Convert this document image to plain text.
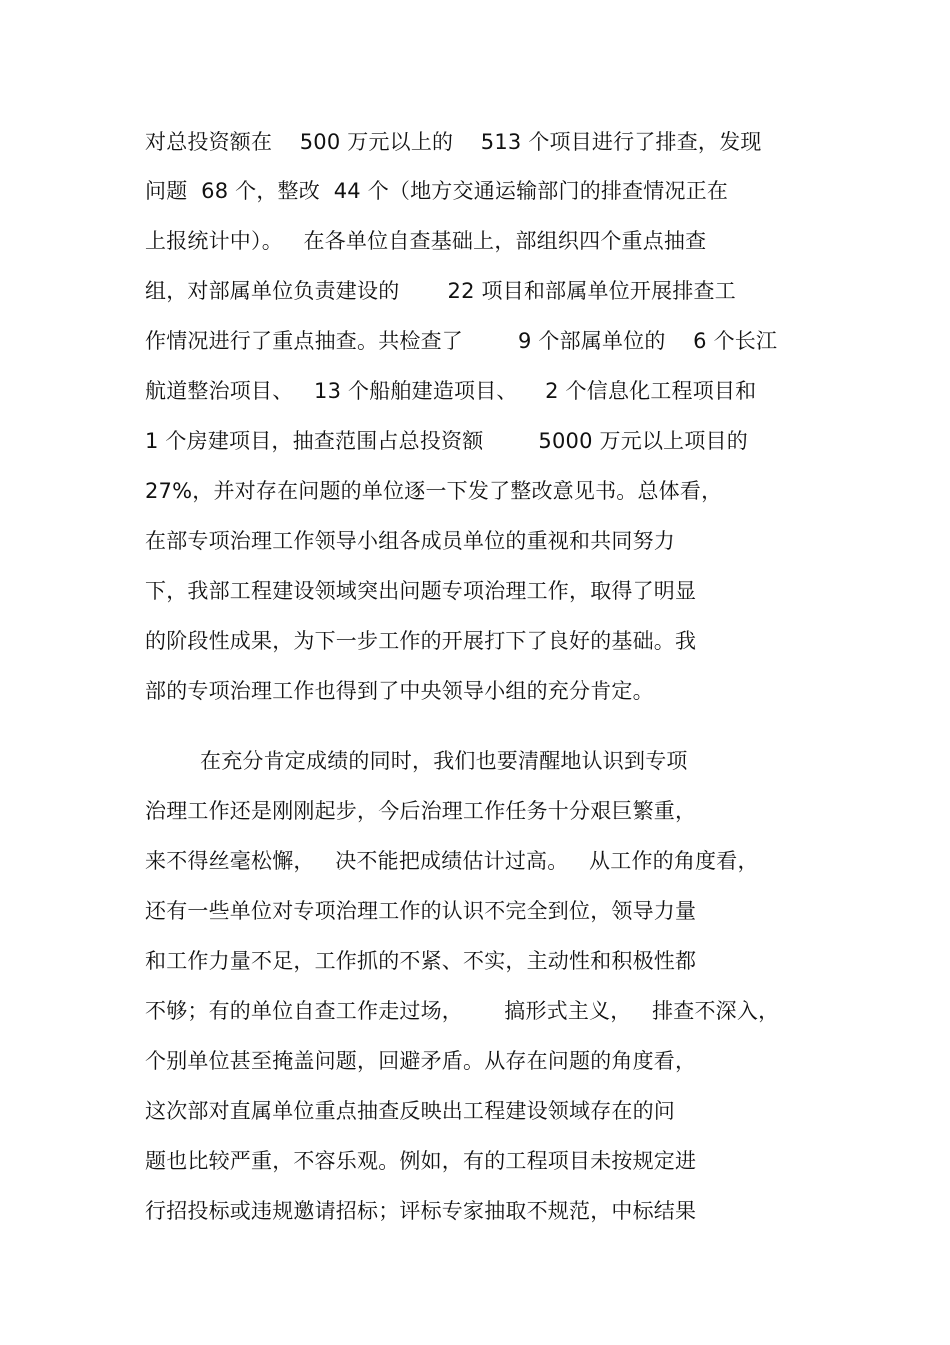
对总投资额在    500 万元以上的    513 个项目进行了排查，发现
问题  68 个，整改  44 个（地方交通运输部门的排查情况正在
上报统计中）。   在各单位自查基础上，部组织四个重点抽查
组，对部属单位负责建设的       22 项目和部属单位开展排查工
作情况进行了重点抽查。共检查了        9 个部属单位的    6 个长江
航道整治项目、   13 个船舶建造项目、    2 个信息化工程项目和
1 个房建项目，抽查范围占总投资额        5000 万元以上项目的
27%，并对存在问题的单位逐一下发了整改意见书。总体看，
在部专项治理工作领导小组各成员单位的重视和共同努力
下，我部工程建设领域突出问题专项治理工作，取得了明显
的阶段性成果，为下一步工作的开展打下了良好的基础。我
部的专项治理工作也得到了中央领导小组的充分肯定。
在充分肯定成绩的同时，我们也要清醒地认识到专项
治理工作还是刚刚起步，今后治理工作任务十分艰巨繁重，
来不得丝毫松懈，   决不能把成绩估计过高。   从工作的角度看，
还有一些单位对专项治理工作的认识不完全到位，领导力量
和工作力量不足，工作抓的不紧、不实，主动性和积极性都
不够；有的单位自查工作走过场，      搞形式主义，   排查不深入，
个别单位甚至掩盖问题，回避矛盾。从存在问题的角度看，
这次部对直属单位重点抽查反映出工程建设领域存在的问
题也比较严重，不容乐观。例如，有的工程项目未按规定进
行招投标或违规邀请招标；评标专家抽取不规范，中标结果
